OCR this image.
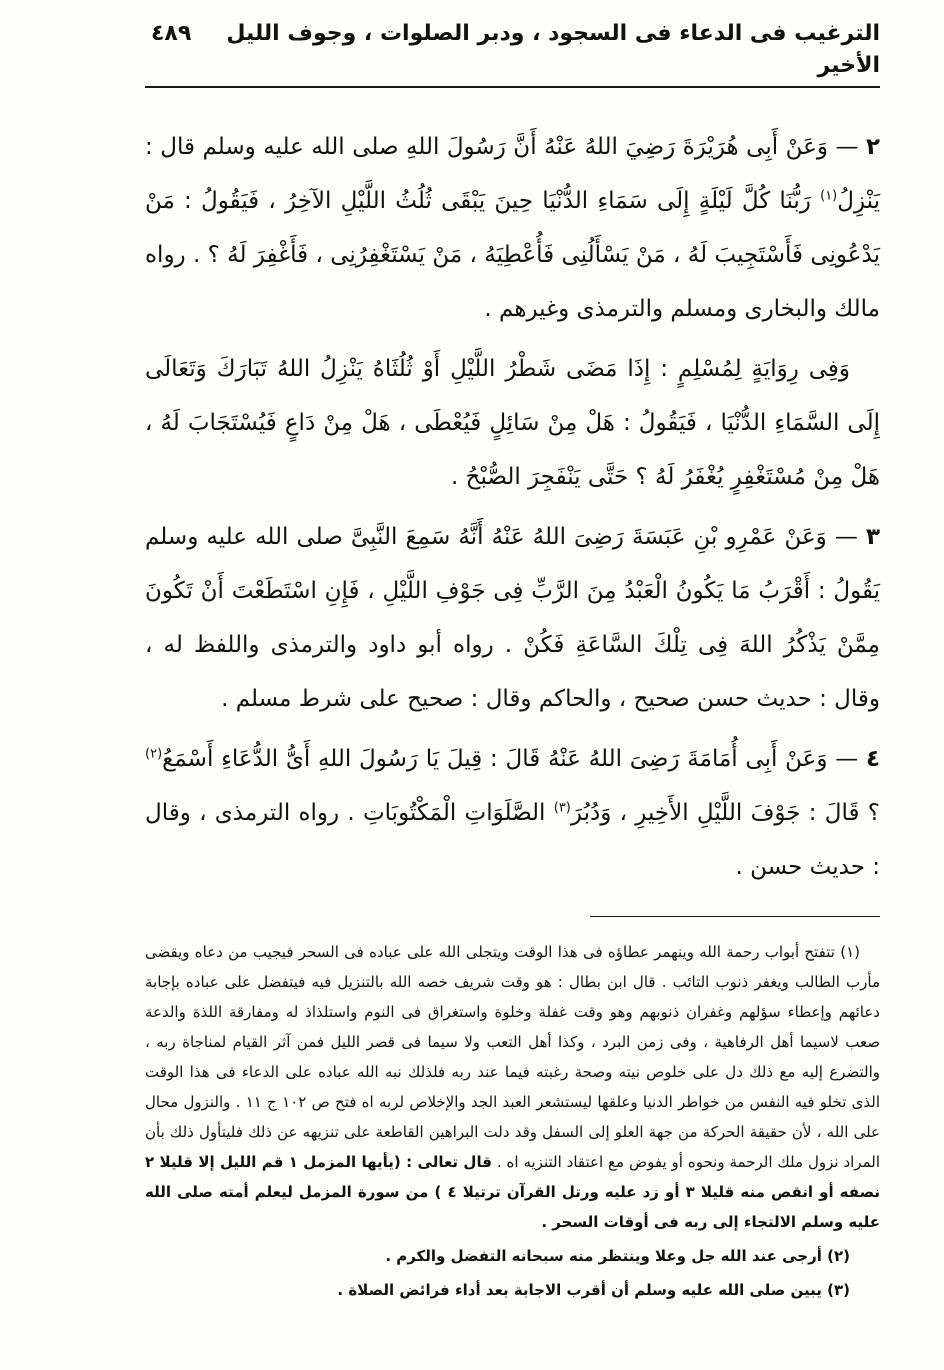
الترغيب فى الدعاء فى السجود ، ودبر الصلوات ، وجوف الليل الأخير
٤٨٩

٢ — وَعَنْ أَبِى هُرَيْرَةَ رَضِيَ اللهُ عَنْهُ أَنَّ رَسُولَ اللهِ صلى الله عليه وسلم قال : يَنْزِلُ$^{(١)}$ رَبُّنَا كُلَّ لَيْلَةٍ إِلَى سَمَاءِ الدُّنْيَا حِينَ يَبْقَى ثُلُثُ اللَّيْلِ الآخِرُ ، فَيَقُولُ : مَنْ يَدْعُونِى فَأَسْتَجِيبَ لَهُ ، مَنْ يَسْأَلُنِى فَأُعْطِيَهُ ، مَنْ يَسْتَغْفِرُنِى ، فَأَغْفِرَ لَهُ ؟ . رواه مالك والبخارى ومسلم والترمذى وغيرهم .

وَفِى رِوَايَةٍ لِمُسْلِمٍ : إِذَا مَضَى شَطْرُ اللَّيْلِ أَوْ ثُلُثَاهُ يَنْزِلُ اللهُ تَبَارَكَ وَتَعَالَى إِلَى السَّمَاءِ الدُّنْيَا ، فَيَقُولُ : هَلْ مِنْ سَائِلٍ فَيُعْطَى ، هَلْ مِنْ دَاعٍ فَيُسْتَجَابَ لَهُ ، هَلْ مِنْ مُسْتَغْفِرٍ يُغْفَرُ لَهُ ؟ حَتَّى يَنْفَجِرَ الصُّبْحُ .

٣ — وَعَنْ عَمْرِو بْنِ عَبَسَةَ رَضِىَ اللهُ عَنْهُ أَنَّهُ سَمِعَ النَّبِىَّ صلى الله عليه وسلم يَقُولُ : أَقْرَبُ مَا يَكُونُ الْعَبْدُ مِنَ الرَّبِّ فِى جَوْفِ اللَّيْلِ ، فَإِنِ اسْتَطَعْتَ أَنْ تَكُونَ مِمَّنْ يَذْكُرُ اللهَ فِى تِلْكَ السَّاعَةِ فَكُنْ . رواه أبو داود والترمذى واللفظ له ، وقال : حديث حسن صحيح ، والحاكم وقال : صحيح على شرط مسلم .

٤ — وَعَنْ أَبِى أُمَامَةَ رَضِىَ اللهُ عَنْهُ قَالَ : قِيلَ يَا رَسُولَ اللهِ أَىُّ الدُّعَاءِ أَسْمَعُ$^{(٢)}$ ؟ قَالَ : جَوْفَ اللَّيْلِ الأَخِيرِ ، وَدُبُرَ$^{(٣)}$ الصَّلَوَاتِ الْمَكْتُوبَاتِ . رواه الترمذى ، وقال : حديث حسن .

(١) تتفتح أبواب رحمة الله وينهمر عطاؤه فى هذا الوقت ويتجلى الله على عباده فى السحر فيجيب من دعاه ويقضى مأرب الطالب ويغفر ذنوب التائب . قال ابن بطال : هو وقت شريف خصه الله بالتنزيل فيه فيتفضل على عباده بإجابة دعائهم وإعطاء سؤلهم وغفران ذنوبهم وهو وقت غفلة وخلوة واستغراق فى النوم واستلذاذ له ومفارقة اللذة والدعة صعب لاسيما أهل الرفاهية ، وفى زمن البرد ، وكذا أهل التعب ولا سيما فى قصر الليل فمن آثر القيام لمناجاة ربه ، والتضرع إليه مع ذلك دل على خلوص نيته وصحة رغبته فيما عند ربه فلذلك نبه الله عباده على الدعاء فى هذا الوقت الذى تخلو فيه النفس من خواطر الدنيا وعلقها ليستشعر العبد الجد والإخلاص لربه اه فتح ص ١٠٢ ج ١١ . والنزول محال على الله ، لأن حقيقة الحركة من جهة العلو إلى السفل وقد دلت البراهين القاطعة على تنزيهه عن ذلك فليتأول ذلك بأن المراد نزول ملك الرحمة ونحوه أو يفوض مع اعتقاد التنزيه اه . قال تعالى : (يأيها المزمل ١ قم الليل إلا قليلا ٢ نصفه أو انقص منه قليلا ٣ أو زد عليه ورتل القرآن ترتيلا ٤ ) من سورة المزمل ليعلم أمته صلى الله عليه وسلم الالتجاء إلى ربه فى أوقات السحر .

(٢) أرجى عند الله جل وعلا وينتظر منه سبحانه التفضل والكرم .

(٣) يبين صلى الله عليه وسلم أن أقرب الاجابة بعد أداء فرائض الصلاة .
